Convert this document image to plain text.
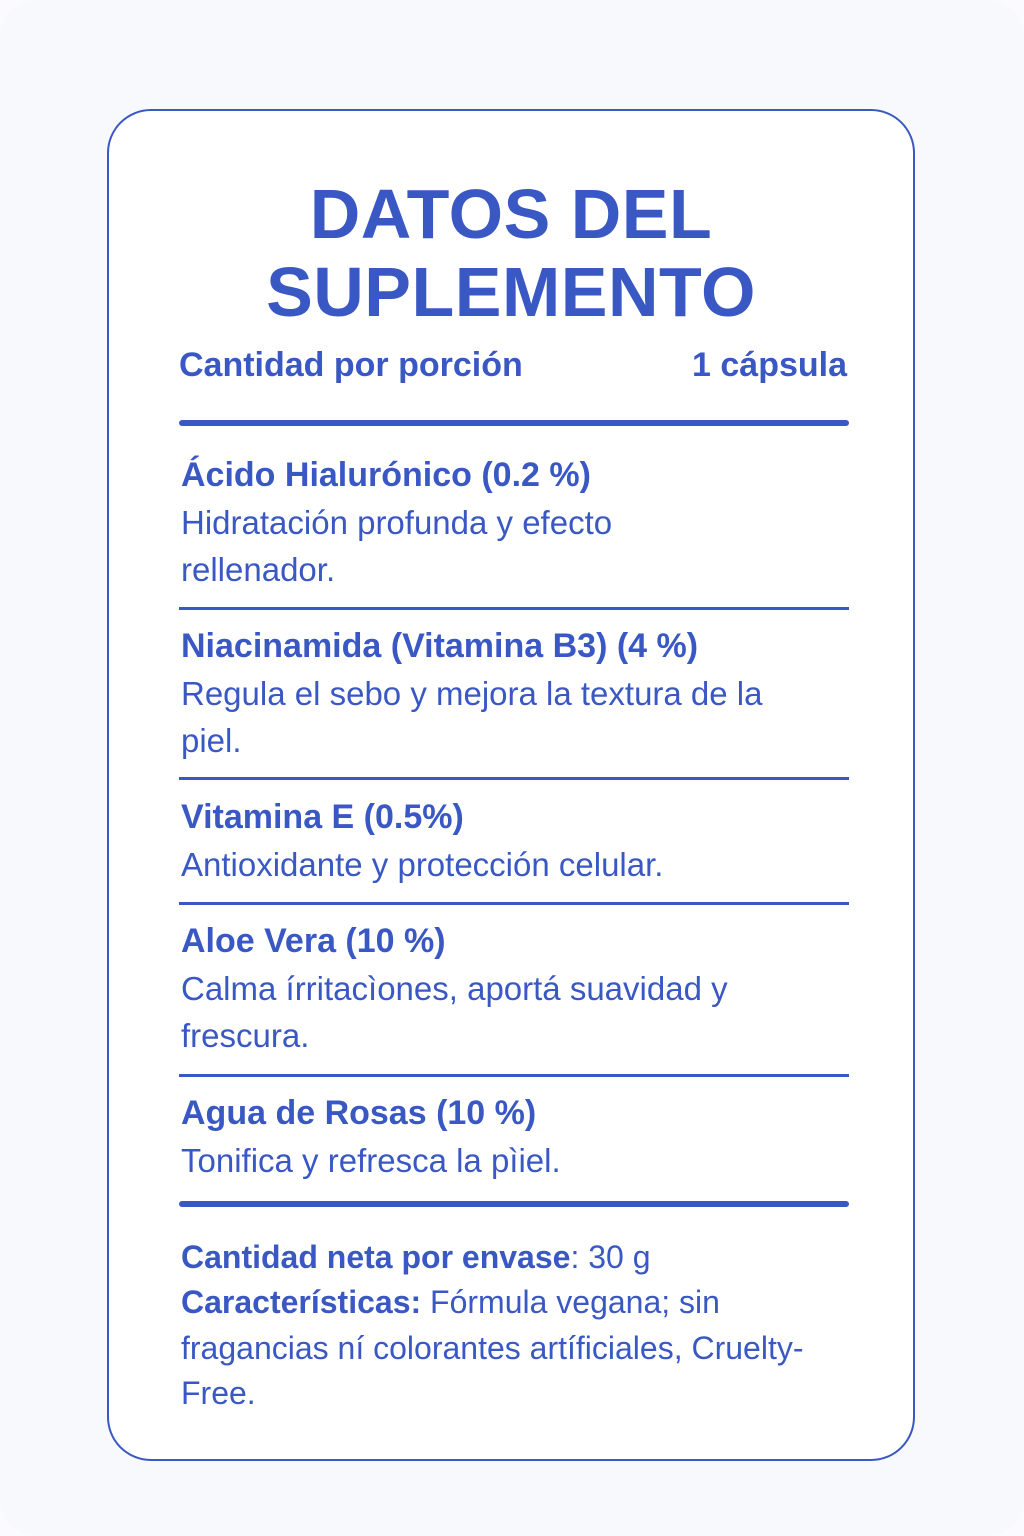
DATOS DEL
SUPLEMENTO
Cantidad por porción	1 cápsula

Ácido Hialurónico (0.2 %)

Hidratación profunda y efecto rellenador.

Niacinamida (Vitamina B3) (4 %)

Regula el sebo y mejora la textura de la piel.

Vitamina E (0.5%)

Antioxidante y protección celular.

Aloe Vera (10 %)

Calma írritacìones, aportá suavidad y frescura.

Agua de Rosas (10 %)

Tonifica y refresca la pìiel.

Cantidad neta por envase: 30 g

Características: Fórmula vegana; sin fragancias ní colorantes artíficiales, Cruelty-Free.
